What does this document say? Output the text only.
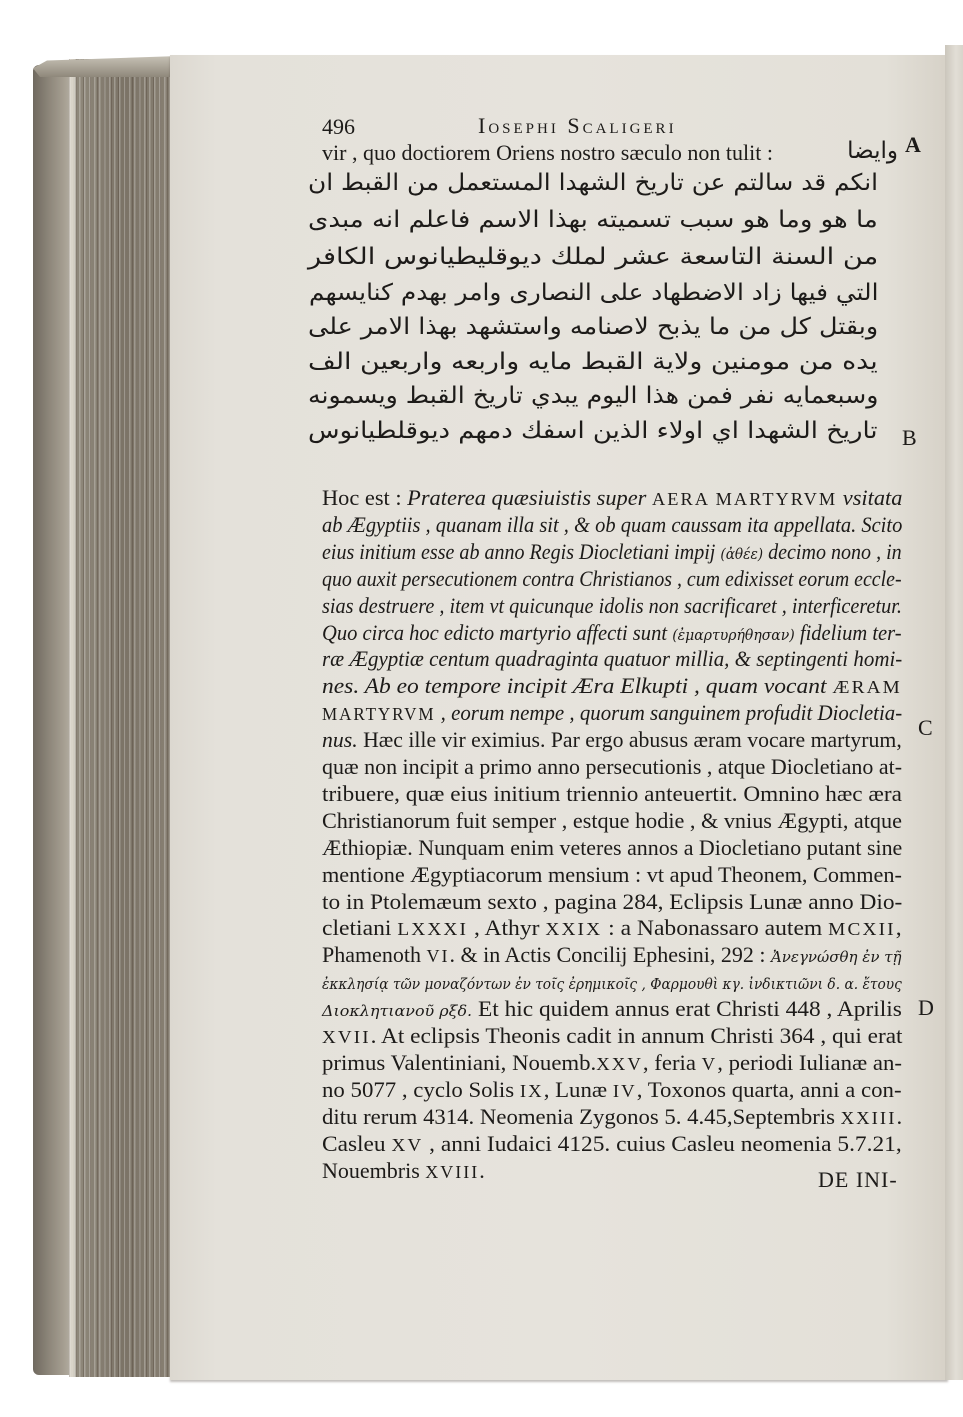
496	Iosephi Scaligeri
vir , quo doctiorem Oriens nostro sæculo non tulit :	وايضا
انكم قد سالتم عن تاريخ الشهدا المستعمل من القبط ان
ما هو وما هو سبب تسميته بهذا الاسم فاعلم انه مبدى
من السنة التاسعة عشر لملك ديوقليطيانوس الكافر
التي فيها زاد الاضطهاد على النصارى وامر بهدم كنايسهم
وبقتل كل من ما يذبح لاصنامه واستشهد بهذا الامر على
يده من مومنين ولاية القبط مايه واربعه واربعين الف
وسبعمايه نفر فمن هذا اليوم يبدي تاريخ القبط ويسمونه
تاريخ الشهدا اي اولاء الذين اسفك دمهم ديوقلطيانوس
Hoc est : Praterea quæsiuistis super AERA MARTYRVM vsitata
ab Ægyptiis , quanam illa sit , & ob quam caussam ita appellata. Scito
eius initium esse ab anno Regis Diocletiani impij (ἀθέε) decimo nono , in
quo auxit persecutionem contra Christianos , cum edixisset eorum eccle-
sias destruere , item vt quicunque idolis non sacrificaret , interficeretur.
Quo circa hoc edicto martyrio affecti sunt (ἐμαρτυρήθησαν) fidelium ter-
ræ Ægyptiæ centum quadraginta quatuor millia, & septingenti homi-
nes. Ab eo tempore incipit Æra Elkupti , quam vocant ÆRAM
MARTYRVM , eorum nempe , quorum sanguinem profudit Diocletia-
nus. Hæc ille vir eximius. Par ergo abusus æram vocare martyrum,
quæ non incipit a primo anno persecutionis , atque Diocletiano at-
tribuere, quæ eius initium triennio anteuertit. Omnino hæc æra
Christianorum fuit semper , estque hodie , & vnius Ægypti, atque
Æthiopiæ. Nunquam enim veteres annos a Diocletiano putant sine
mentione Ægyptiacorum mensium : vt apud Theonem, Commen-
to in Ptolemæum sexto , pagina 284, Eclipsis Lunæ anno Dio-
cletiani LXXXI , Athyr XXIX : a Nabonassaro autem MCXII,
Phamenoth VI. & in Actis Concilij Ephesini, 292 : Ἀνεγνώσθη ἐν τῇ
ἐκκλησίᾳ τῶν μοναζόντων ἐν τοῖς ἐρημικοῖς , Φαρμουθὶ κγ. ἰνδικτιῶνι δ. α. ἔτους
Διοκλητιανοῦ ρξδ. Et hic quidem annus erat Christi 448 , Aprilis
XVII. At eclipsis Theonis cadit in annum Christi 364 , qui erat
primus Valentiniani, Nouemb.XXV, feria V, periodi Iulianæ an-
no 5077 , cyclo Solis IX, Lunæ IV, Toxonos quarta, anni a con-
ditu rerum 4314. Neomenia Zygonos 5. 4.45,Septembris XXIII.
Casleu XV , anni Iudaici 4125. cuius Casleu neomenia 5.7.21,
Nouembris XVIII.
A
B
C
D
DE INI-
